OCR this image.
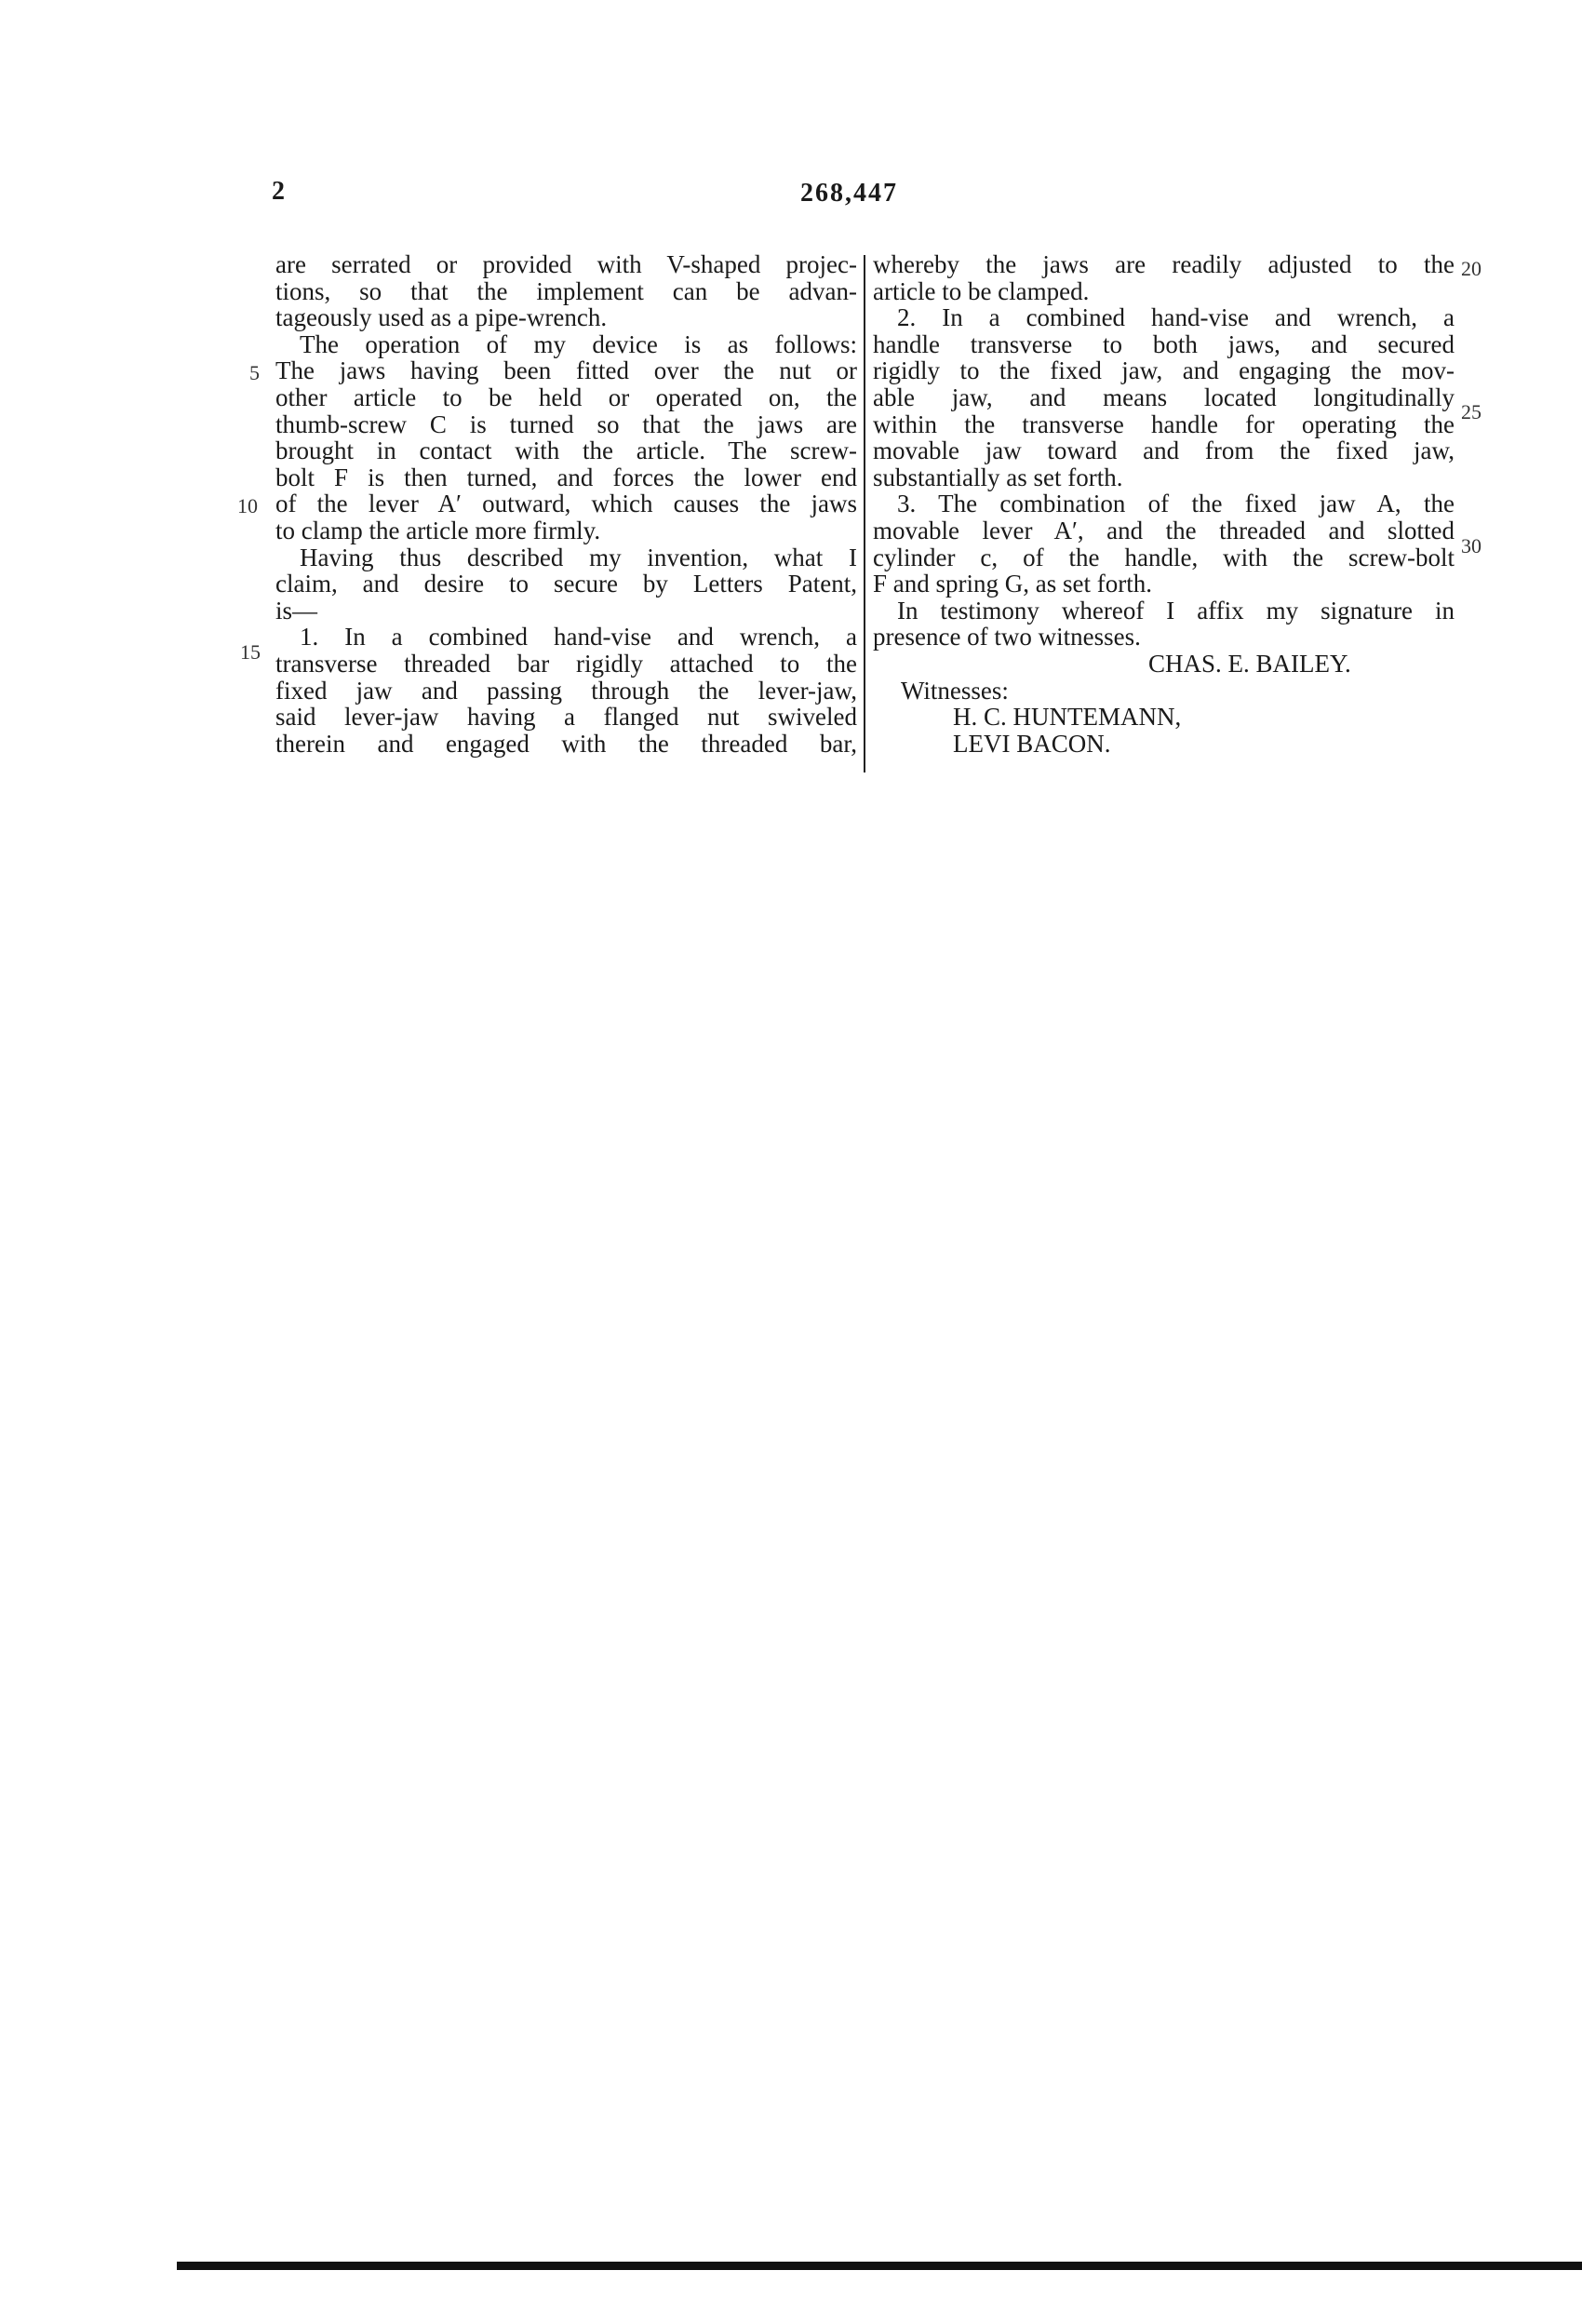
2	268,447
are serrated or provided with V-shaped projec-
tions, so that the implement can be advan-
tageously used as a pipe-wrench.
The operation of my device is as follows:
The jaws having been fitted over the nut or
other article to be held or operated on, the
thumb-screw C is turned so that the jaws are
brought in contact with the article. The screw-
bolt F is then turned, and forces the lower end
of the lever A′ outward, which causes the jaws
to clamp the article more firmly.
Having thus described my invention, what I
claim, and desire to secure by Letters Patent,
is—
1. In a combined hand-vise and wrench, a
transverse threaded bar rigidly attached to the
fixed jaw and passing through the lever-jaw,
said lever-jaw having a flanged nut swiveled
therein and engaged with the threaded bar,
whereby the jaws are readily adjusted to the
article to be clamped.
2. In a combined hand-vise and wrench, a
handle transverse to both jaws, and secured
rigidly to the fixed jaw, and engaging the mov-
able jaw, and means located longitudinally
within the transverse handle for operating the
movable jaw toward and from the fixed jaw,
substantially as set forth.
3. The combination of the fixed jaw A, the
movable lever A′, and the threaded and slotted
cylinder c, of the handle, with the screw-bolt
F and spring G, as set forth.
In testimony whereof I affix my signature in
presence of two witnesses.
CHAS. E. BAILEY.
Witnesses:
H. C. HUNTEMANN,
LEVI BACON.
5
10
15
20
25
30
